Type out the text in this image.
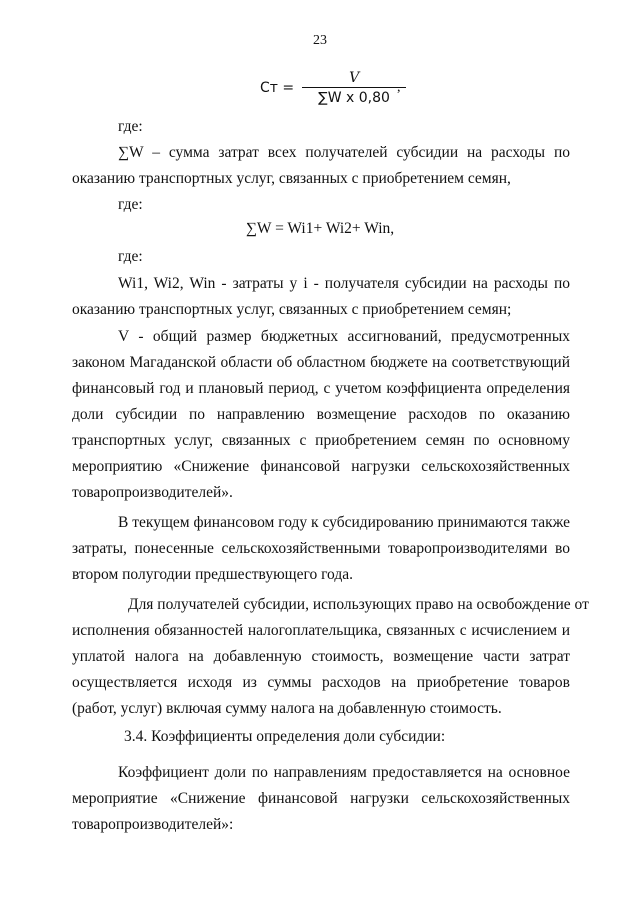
23
Ст = $\frac{V}{\text{∑W х 0,80}}$
,
где:
∑W – сумма затрат всех получателей субсидии на расходы по
оказанию транспортных услуг, связанных с приобретением семян,
где:
∑W = Wi1+ Wi2+ Win,
где:
Wi1, Wi2, Win - затраты у i - получателя субсидии на расходы по
оказанию транспортных услуг, связанных с приобретением семян;
V - общий размер бюджетных ассигнований, предусмотренных
законом Магаданской области об областном бюджете на соответствующий
финансовый год и плановый период, с учетом коэффициента определения
доли субсидии по направлению возмещение расходов по оказанию
транспортных услуг, связанных с приобретением семян по основному
мероприятию «Снижение финансовой нагрузки сельскохозяйственных
товаропроизводителей».
В текущем финансовом году к субсидированию принимаются также
затраты, понесенные сельскохозяйственными товаропроизводителями во
втором полугодии предшествующего года.
Для получателей субсидии, использующих право на освобождение от
исполнения обязанностей налогоплательщика, связанных с исчислением и
уплатой налога на добавленную стоимость, возмещение части затрат
осуществляется исходя из суммы расходов на приобретение товаров
(работ, услуг) включая сумму налога на добавленную стоимость.
3.4. Коэффициенты определения доли субсидии:
Коэффициент доли по направлениям предоставляется на основное
мероприятие «Снижение финансовой нагрузки сельскохозяйственных
товаропроизводителей»:
